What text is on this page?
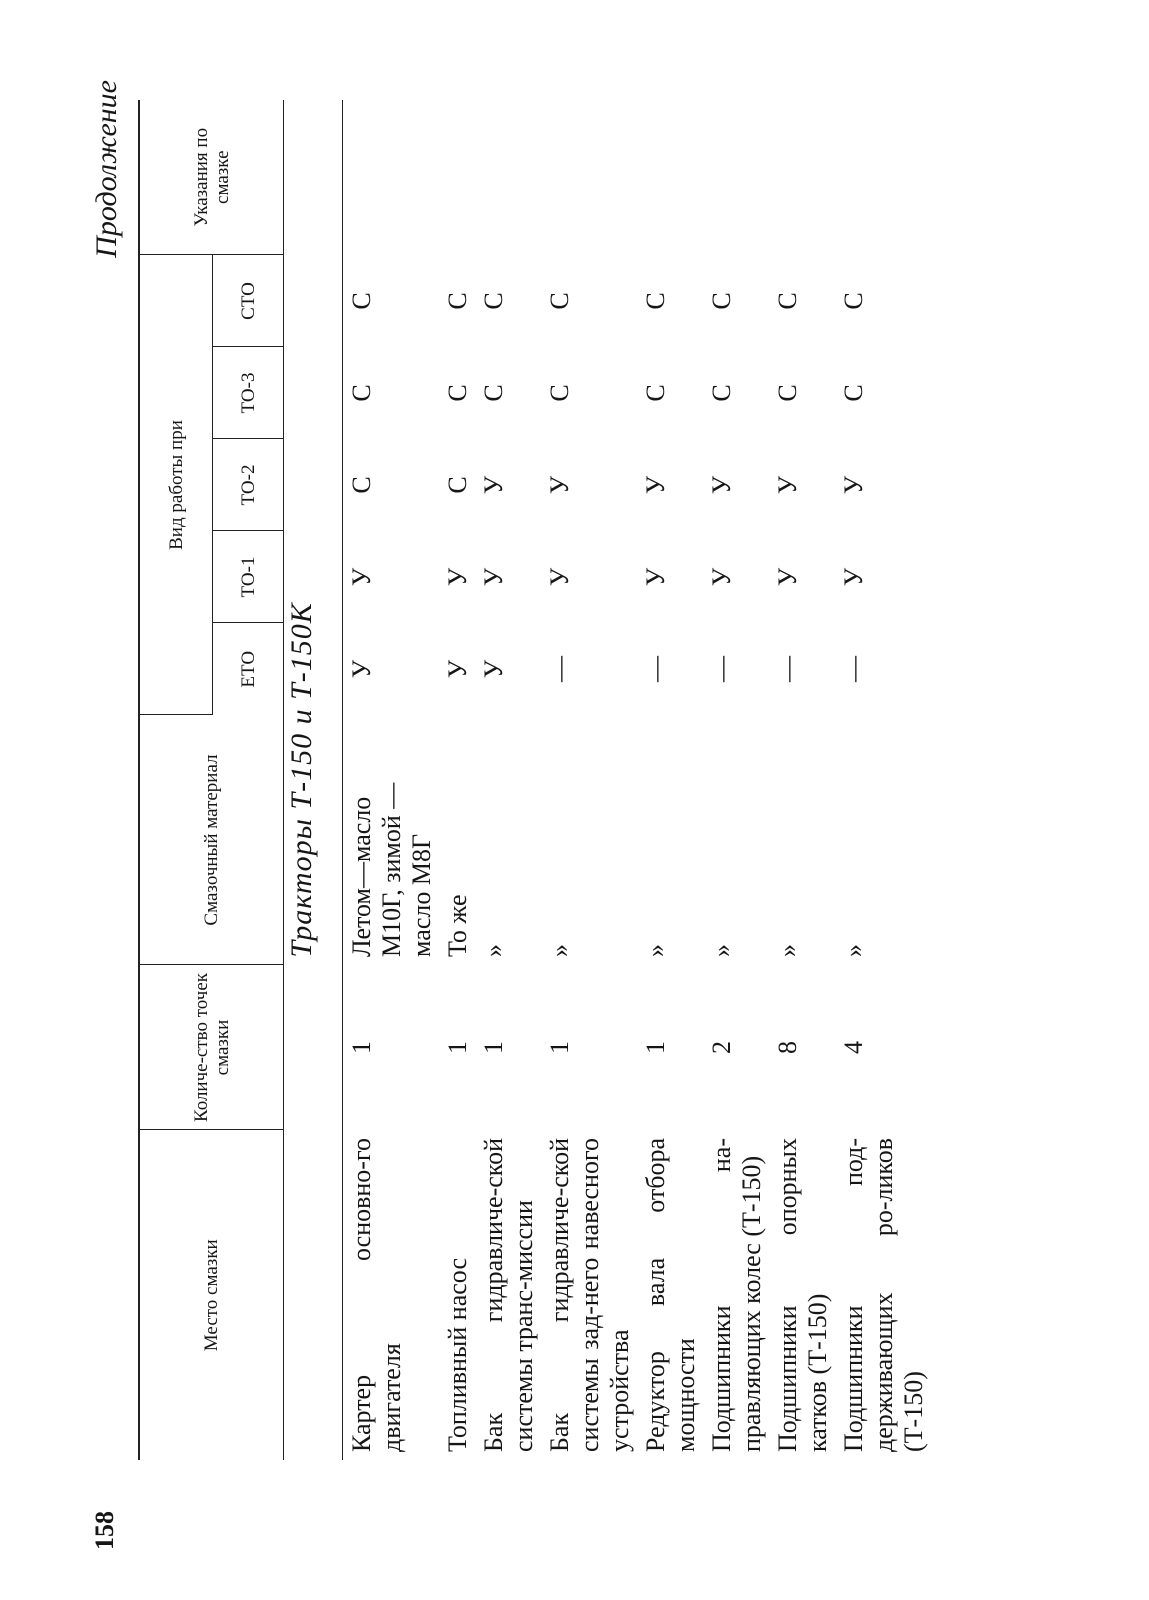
158
Продолжение
Место смазки	Количе-ство точек смазки	Смазочный материал	Вид работы при					Указания по смазке
			ЕТО	ТО-1	ТО-2	ТО-3	СТО	
Тракторы Т-150 и Т-150К								
Картер основно-го двигателя	1	Летом—масло М10Г, зимой — масло М8Г	У	У	С	С	С	
Топливный насос	1	То же	У	У	С	С	С	
Бак гидравличе-ской системы транс-миссии	1	»	У	У	У	С	С	
Бак гидравличе-ской системы зад-него навесного устройства	1	»	—	У	У	С	С	
Редуктор вала отбора мощности	1	»	—	У	У	С	С	
Подшипники на-правляющих колес (Т-150)	2	»	—	У	У	С	С	
Подшипники опорных катков (Т-150)	8	»	—	У	У	С	С	
Подшипники под-держивающих ро-ликов (Т-150)	4	»	—	У	У	С	С	
